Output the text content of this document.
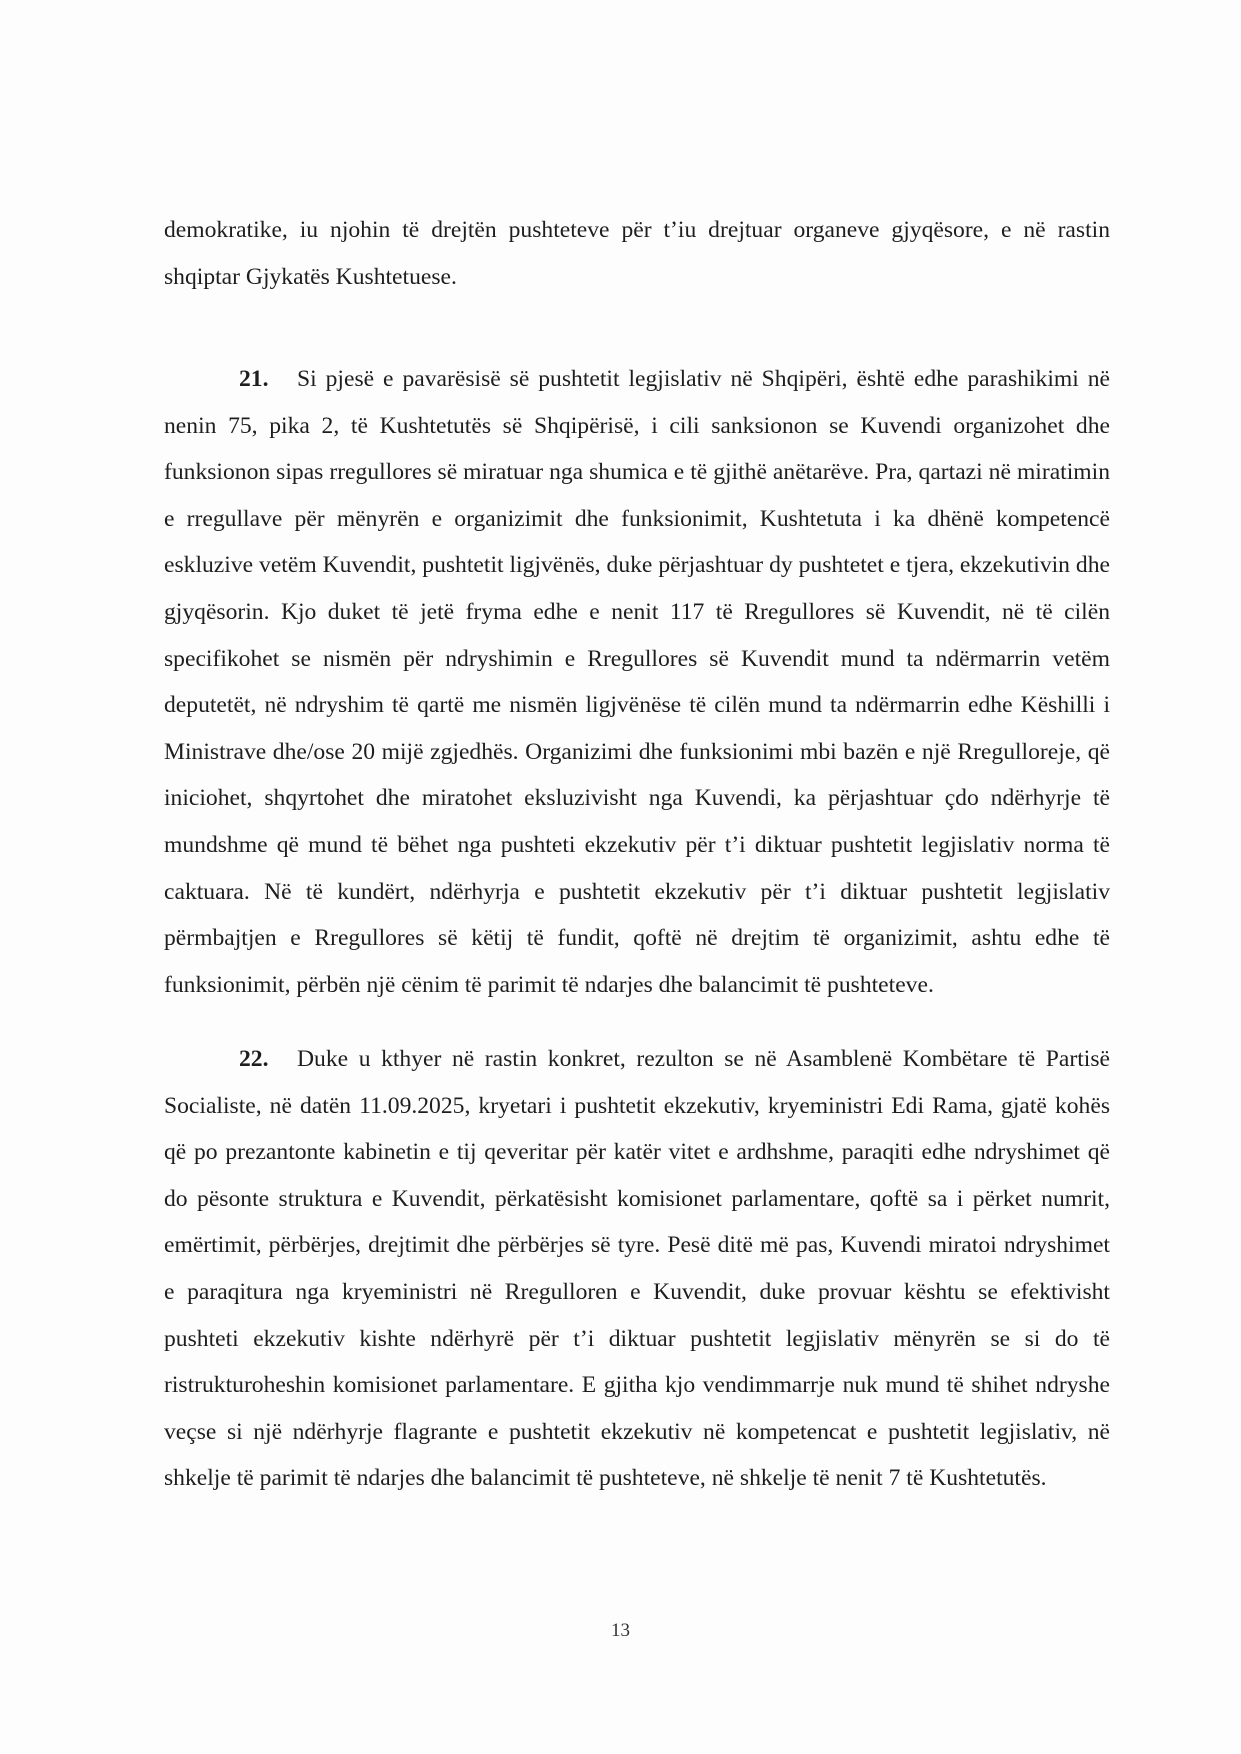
demokratike, iu njohin të drejtën pushteteve për t’iu drejtuar organeve gjyqësore, e në rastin shqiptar Gjykatës Kushtetuese.

21. Si pjesë e pavarësisë së pushtetit legjislativ në Shqipëri, është edhe parashikimi në nenin 75, pika 2, të Kushtetutës së Shqipërisë, i cili sanksionon se Kuvendi organizohet dhe funksionon sipas rregullores së miratuar nga shumica e të gjithë anëtarëve. Pra, qartazi në miratimin e rregullave për mënyrën e organizimit dhe funksionimit, Kushtetuta i ka dhënë kompetencë eskluzive vetëm Kuvendit, pushtetit ligjvënës, duke përjashtuar dy pushtetet e tjera, ekzekutivin dhe gjyqësorin. Kjo duket të jetë fryma edhe e nenit 117 të Rregullores së Kuvendit, në të cilën specifikohet se nismën për ndryshimin e Rregullores së Kuvendit mund ta ndërmarrin vetëm deputetët, në ndryshim të qartë me nismën ligjvënëse të cilën mund ta ndërmarrin edhe Këshilli i Ministrave dhe/ose 20 mijë zgjedhës. Organizimi dhe funksionimi mbi bazën e një Rregulloreje, që iniciohet, shqyrtohet dhe miratohet eksluzivisht nga Kuvendi, ka përjashtuar çdo ndërhyrje të mundshme që mund të bëhet nga pushteti ekzekutiv për t’i diktuar pushtetit legjislativ norma të caktuara. Në të kundërt, ndërhyrja e pushtetit ekzekutiv për t’i diktuar pushtetit legjislativ përmbajtjen e Rregullores së këtij të fundit, qoftë në drejtim të organizimit, ashtu edhe të funksionimit, përbën një cënim të parimit të ndarjes dhe balancimit të pushteteve.

22. Duke u kthyer në rastin konkret, rezulton se në Asamblenë Kombëtare të Partisë Socialiste, në datën 11.09.2025, kryetari i pushtetit ekzekutiv, kryeministri Edi Rama, gjatë kohës që po prezantonte kabinetin e tij qeveritar për katër vitet e ardhshme, paraqiti edhe ndryshimet që do pësonte struktura e Kuvendit, përkatësisht komisionet parlamentare, qoftë sa i përket numrit, emërtimit, përbërjes, drejtimit dhe përbërjes së tyre. Pesë ditë më pas, Kuvendi miratoi ndryshimet e paraqitura nga kryeministri në Rregulloren e Kuvendit, duke provuar kështu se efektivisht pushteti ekzekutiv kishte ndërhyrë për t’i diktuar pushtetit legjislativ mënyrën se si do të ristrukturoheshin komisionet parlamentare. E gjitha kjo vendimmarrje nuk mund të shihet ndryshe veçse si një ndërhyrje flagrante e pushtetit ekzekutiv në kompetencat e pushtetit legjislativ, në shkelje të parimit të ndarjes dhe balancimit të pushteteve, në shkelje të nenit 7 të Kushtetutës.

13
